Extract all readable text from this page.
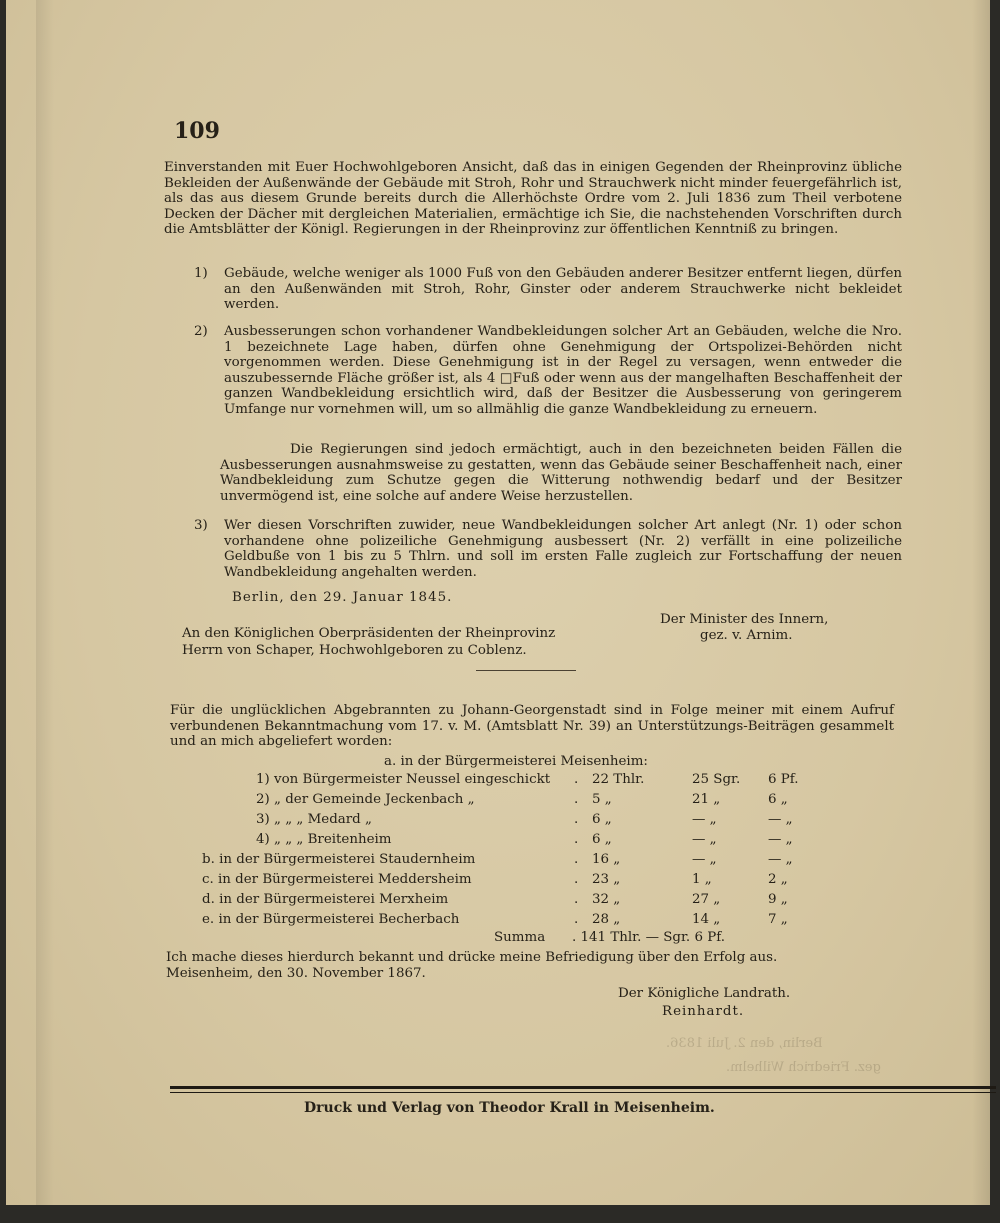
109
Einverstanden mit Euer Hochwohlgeboren Ansicht, daß das in einigen Gegenden der Rheinprovinz übliche Bekleiden der Außenwände der Gebäude mit Stroh, Rohr und Strauchwerk nicht minder feuergefährlich ist, als das aus diesem Grunde bereits durch die Allerhöchste Ordre vom 2. Juli 1836 zum Theil verbotene Decken der Dächer mit dergleichen Materialien, ermächtige ich Sie, die nachstehenden Vorschriften durch die Amtsblätter der Königl. Regierungen in der Rheinprovinz zur öffentlichen Kenntniß zu bringen.
1)	Gebäude, welche weniger als 1000 Fuß von den Gebäuden anderer Besitzer entfernt liegen, dürfen an den Außenwänden mit Stroh, Rohr, Ginster oder anderem Strauchwerke nicht bekleidet werden.
2)	Ausbesserungen schon vorhandener Wandbekleidungen solcher Art an Gebäuden, welche die Nro. 1 bezeichnete Lage haben, dürfen ohne Genehmigung der Ortspolizei-Behörden nicht vorgenommen werden. Diese Genehmigung ist in der Regel zu versagen, wenn entweder die auszubessernde Fläche größer ist, als 4 □Fuß oder wenn aus der mangelhaften Beschaffenheit der ganzen Wandbekleidung ersichtlich wird, daß der Besitzer die Ausbesserung von geringerem Umfange nur vornehmen will, um so allmählig die ganze Wandbekleidung zu erneuern.
Die Regierungen sind jedoch ermächtigt, auch in den bezeichneten beiden Fällen die Ausbesserungen ausnahmsweise zu gestatten, wenn das Gebäude seiner Beschaffenheit nach, einer Wandbekleidung zum Schutze gegen die Witterung nothwendig bedarf und der Besitzer unvermögend ist, eine solche auf andere Weise herzustellen.
3)	Wer diesen Vorschriften zuwider, neue Wandbekleidungen solcher Art anlegt (Nr. 1) oder schon vorhandene ohne polizeiliche Genehmigung ausbessert (Nr. 2) verfällt in eine polizeiliche Geldbuße von 1 bis zu 5 Thlrn. und soll im ersten Falle zugleich zur Fortschaffung der neuen Wandbekleidung angehalten werden.
Berlin, den 29. Januar 1845.
Der Minister des Innern,
An den Königlichen Oberpräsidenten der Rheinprovinz	gez. v. Arnim.
Herrn von Schaper, Hochwohlgeboren zu Coblenz.
Für die unglücklichen Abgebrannten zu Johann-Georgenstadt sind in Folge meiner mit einem Aufruf verbundenen Bekanntmachung vom 17. v. M. (Amtsblatt Nr. 39) an Unterstützungs-Beiträgen gesammelt und an mich abgeliefert worden:
a. in der Bürgermeisterei Meisenheim:
1) von Bürgermeister Neussel eingeschickt . 22 Thlr.	25 Sgr.	6 Pf.
2) „ der Gemeinde Jeckenbach „	. 5 „	21 „	6 „
3) „ „ „ Medard „	. 6 „	— „	— „
4) „ „ „ Breitenheim	. 6 „	— „	— „
b. in der Bürgermeisterei Staudernheim	. 16 „	— „	— „
c. in der Bürgermeisterei Meddersheim	. 23 „	1 „	2 „
d. in der Bürgermeisterei Merxheim	. 32 „	27 „	9 „
e. in der Bürgermeisterei Becherbach	. 28 „	14 „	7 „
Summa . 141 Thlr. — Sgr. 6 Pf.
Ich mache dieses hierdurch bekannt und drücke meine Befriedigung über den Erfolg aus.
Meisenheim, den 30. November 1867.
Der Königliche Landrath.
Reinhardt.
Berlin, den 2. Juli 1836.
gez. Friedrich Wilhelm.
Druck und Verlag von Theodor Krall in Meisenheim.
